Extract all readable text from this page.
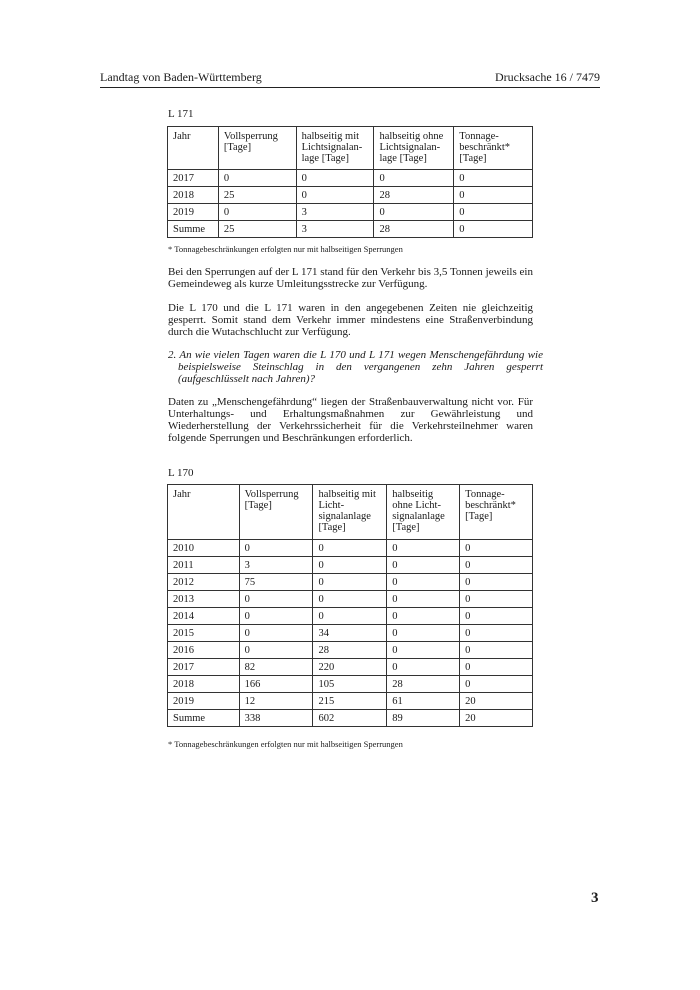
Landtag von Baden-Württemberg	Drucksache 16 / 7479
L 171
Jahr	Vollsperrung [Tage]	halbseitig mit Lichtsignalan-lage [Tage]	halbseitig ohne Lichtsignalan-lage [Tage]	Tonnage-beschränkt* [Tage]
2017	0	0	0	0
2018	25	0	28	0
2019	0	3	0	0
Summe	25	3	28	0
* Tonnagebeschränkungen erfolgten nur mit halbseitigen Sperrungen

Bei den Sperrungen auf der L 171 stand für den Verkehr bis 3,5 Tonnen jeweils ein Gemeindeweg als kurze Umleitungsstrecke zur Verfügung.

Die L 170 und die L 171 waren in den angegebenen Zeiten nie gleichzeitig gesperrt. Somit stand dem Verkehr immer mindestens eine Straßenverbindung durch die Wutachschlucht zur Verfügung.

2. An wie vielen Tagen waren die L 170 und L 171 wegen Menschengefährdung wie beispielsweise Steinschlag in den vergangenen zehn Jahren gesperrt (aufgeschlüsselt nach Jahren)?

Daten zu „Menschengefährdung“ liegen der Straßenbauverwaltung nicht vor. Für Unterhaltungs- und Erhaltungsmaßnahmen zur Gewährleistung und Wiederherstellung der Verkehrssicherheit für die Verkehrsteilnehmer waren folgende Sperrungen und Beschränkungen erforderlich.

L 170
Jahr	Vollsperrung [Tage]	halbseitig mit Licht-signalanlage [Tage]	halbseitig ohne Licht-signalanlage [Tage]	Tonnage-beschränkt* [Tage]
2010	0	0	0	0
2011	3	0	0	0
2012	75	0	0	0
2013	0	0	0	0
2014	0	0	0	0
2015	0	34	0	0
2016	0	28	0	0
2017	82	220	0	0
2018	166	105	28	0
2019	12	215	61	20
Summe	338	602	89	20
* Tonnagebeschränkungen erfolgten nur mit halbseitigen Sperrungen
3
